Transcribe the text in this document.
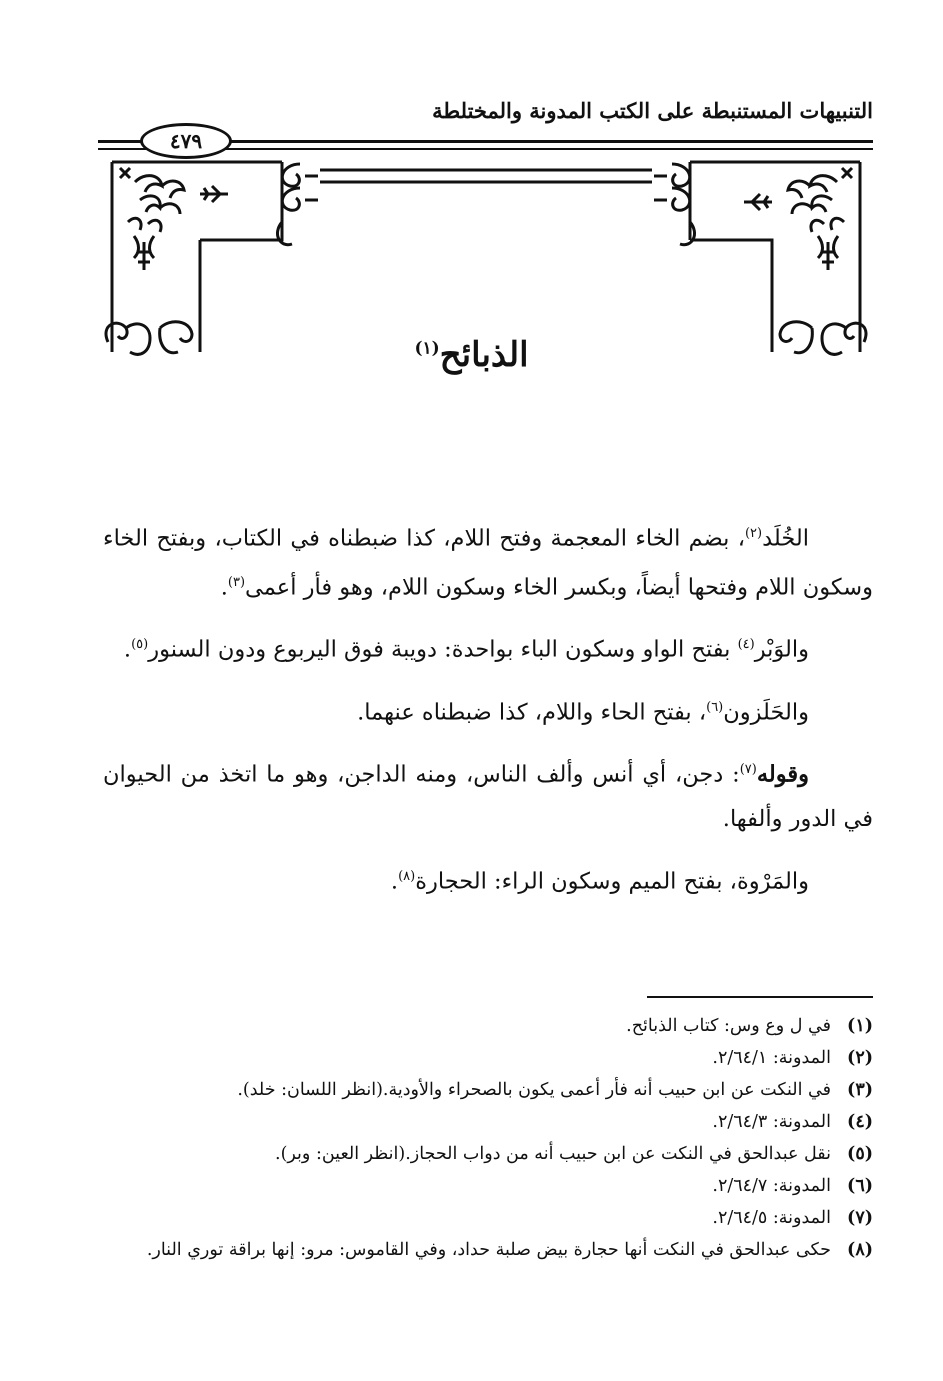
التنبيهات المستنبطة على الكتب المدونة والمختلطة
٤٧٩
الذبائح$^{(١)}$

الخُلَد$^{(٢)}$، بضم الخاء المعجمة وفتح اللام، كذا ضبطناه في الكتاب، وبفتح الخاء وسكون اللام وفتحها أيضاً، وبكسر الخاء وسكون اللام، وهو فأر أعمى$^{(٣)}$.

والوَبْر$^{(٤)}$ بفتح الواو وسكون الباء بواحدة: دويبة فوق اليربوع ودون السنور$^{(٥)}$.

والحَلَزون$^{(٦)}$، بفتح الحاء واللام، كذا ضبطناه عنهما.

وقوله$^{(٧)}$: دجن، أي أنس وألف الناس، ومنه الداجن، وهو ما اتخذ من الحيوان في الدور وألفها.

والمَرْوة، بفتح الميم وسكون الراء: الحجارة$^{(٨)}$.

(١)
في ل وع وس: كتاب الذبائح.
(٢)
المدونة: ٢/٦٤/١.
(٣)
في النكت عن ابن حبيب أنه فأر أعمى يكون بالصحراء والأودية.(انظر اللسان: خلد).
(٤)
المدونة: ٢/٦٤/٣.
(٥)
نقل عبدالحق في النكت عن ابن حبيب أنه من دواب الحجاز.(انظر العين: وبر).
(٦)
المدونة: ٢/٦٤/٧.
(٧)
المدونة: ٢/٦٤/٥.
(٨)
حكى عبدالحق في النكت أنها حجارة بيض صلبة حداد، وفي القاموس: مرو: إنها براقة توري النار.
